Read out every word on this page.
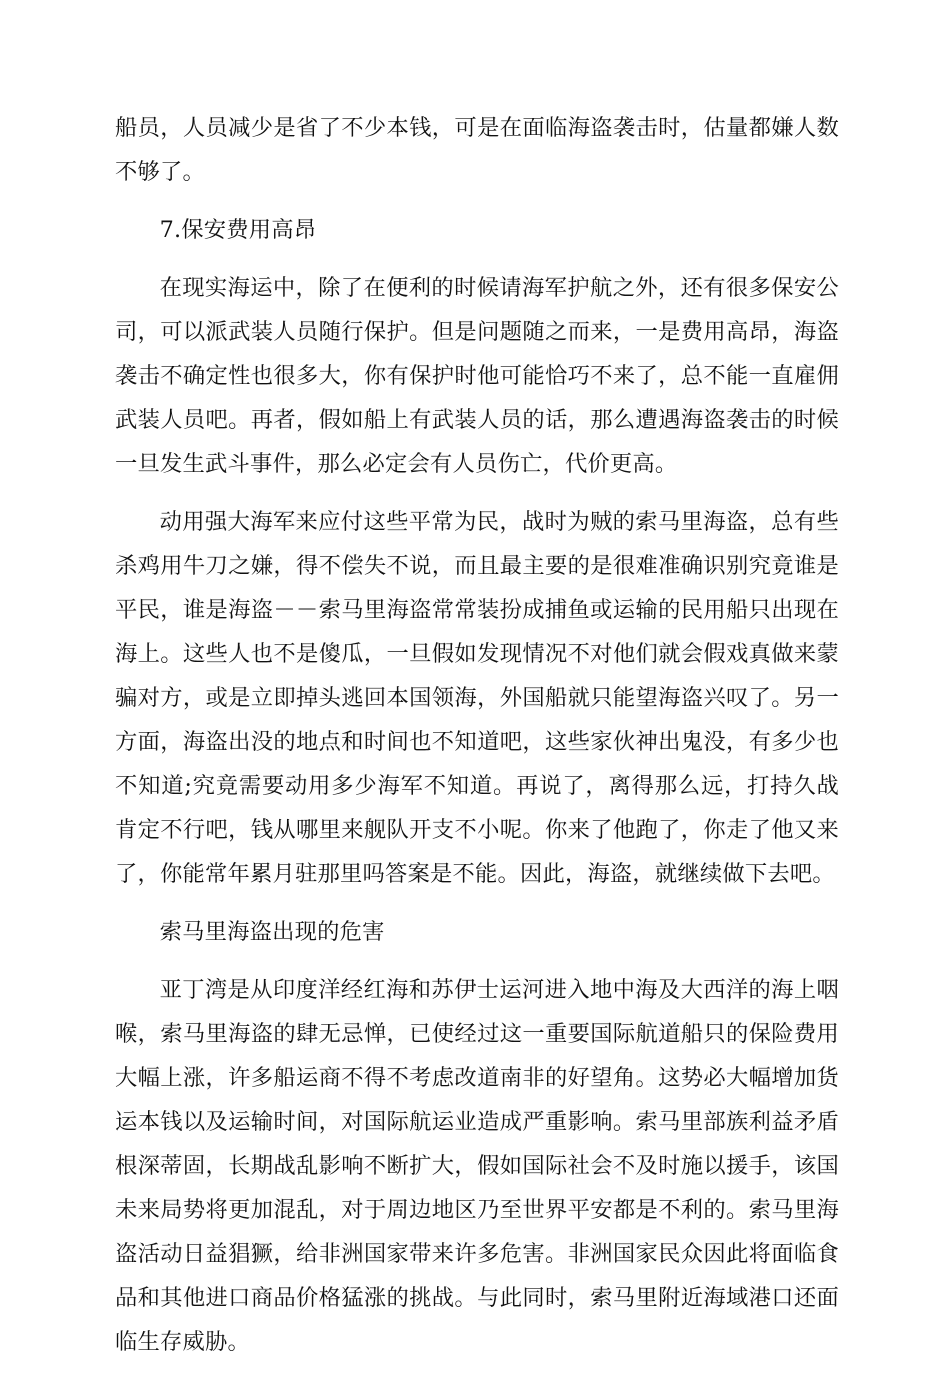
船员，人员减少是省了不少本钱，可是在面临海盗袭击时，估量都嫌人数不够了。

7.保安费用高昂

在现实海运中，除了在便利的时候请海军护航之外，还有很多保安公司，可以派武装人员随行保护。但是问题随之而来，一是费用高昂，海盗袭击不确定性也很多大，你有保护时他可能恰巧不来了，总不能一直雇佣武装人员吧。再者，假如船上有武装人员的话，那么遭遇海盗袭击的时候一旦发生武斗事件，那么必定会有人员伤亡，代价更高。

动用强大海军来应付这些平常为民，战时为贼的索马里海盗，总有些杀鸡用牛刀之嫌，得不偿失不说，而且最主要的是很难准确识别究竟谁是平民，谁是海盗－－索马里海盗常常装扮成捕鱼或运输的民用船只出现在海上。这些人也不是傻瓜，一旦假如发现情况不对他们就会假戏真做来蒙骗对方，或是立即掉头逃回本国领海，外国船就只能望海盗兴叹了。另一方面，海盗出没的地点和时间也不知道吧，这些家伙神出鬼没，有多少也不知道;究竟需要动用多少海军不知道。再说了，离得那么远，打持久战肯定不行吧，钱从哪里来舰队开支不小呢。你来了他跑了，你走了他又来了，你能常年累月驻那里吗答案是不能。因此，海盗，就继续做下去吧。

索马里海盗出现的危害

亚丁湾是从印度洋经红海和苏伊士运河进入地中海及大西洋的海上咽喉，索马里海盗的肆无忌惮，已使经过这一重要国际航道船只的保险费用大幅上涨，许多船运商不得不考虑改道南非的好望角。这势必大幅增加货运本钱以及运输时间，对国际航运业造成严重影响。索马里部族利益矛盾根深蒂固，长期战乱影响不断扩大，假如国际社会不及时施以援手，该国未来局势将更加混乱，对于周边地区乃至世界平安都是不利的。索马里海盗活动日益猖獗，给非洲国家带来许多危害。非洲国家民众因此将面临食品和其他进口商品价格猛涨的挑战。与此同时，索马里附近海域港口还面临生存威胁。
